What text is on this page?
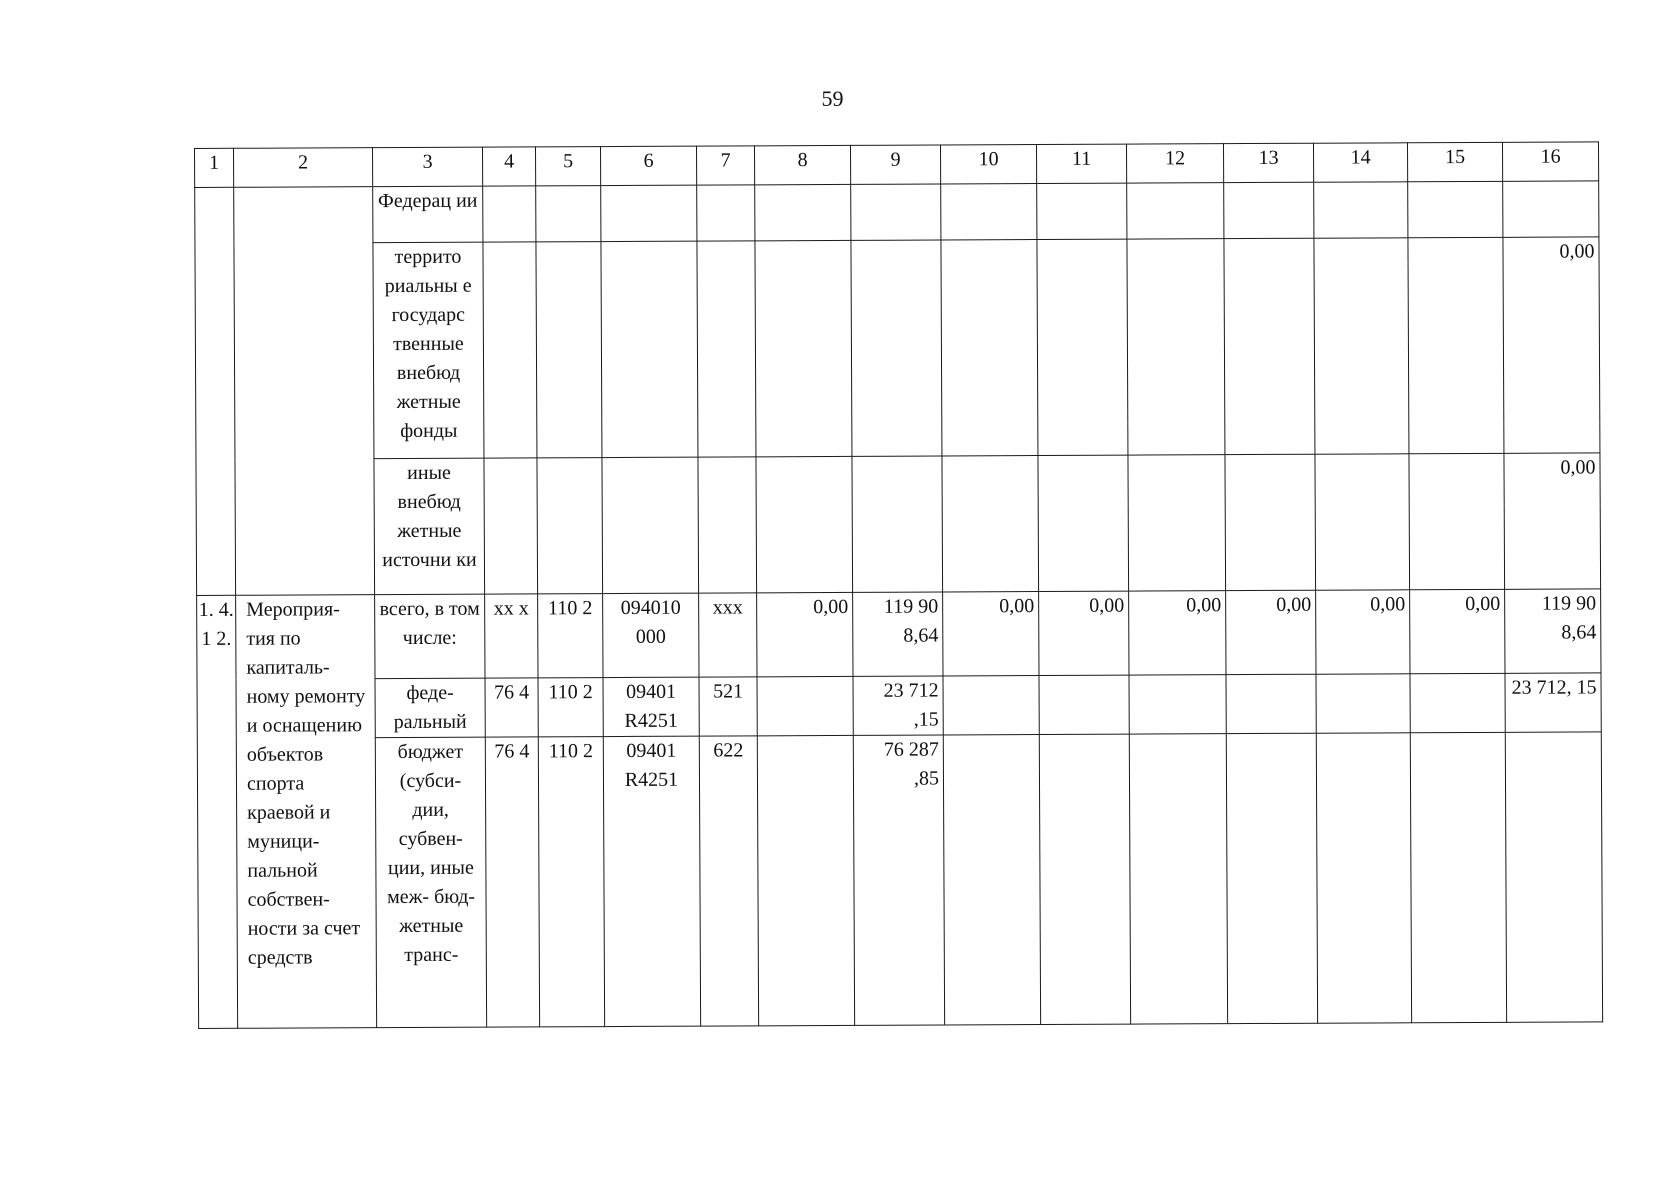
59
1	2	3	4	5	6	7	8	9	10	11	12	13	14	15	16
		Федерац ии													
		террито риальны е государс твенные внебюд жетные фонды													0,00
		иные внебюд жетные источни ки													0,00
1. 4. 1 2.	Мероприя- тия по капиталь- ному ремонту и оснащению объектов спорта краевой и муници- пальной собствен- ности за счет средств	всего, в том числе:	xx x	110 2	094010 000	xxx	0,00	119 90 8,64	0,00	0,00	0,00	0,00	0,00	0,00	119 90 8,64
		феде- ральный	76 4	110 2	09401 R4251	521		23 712 ,15							23 712, 15
		бюджет (субси- дии, субвен- ции, иные меж- бюд- жетные транс-	76 4	110 2	09401 R4251	622		76 287 ,85							
